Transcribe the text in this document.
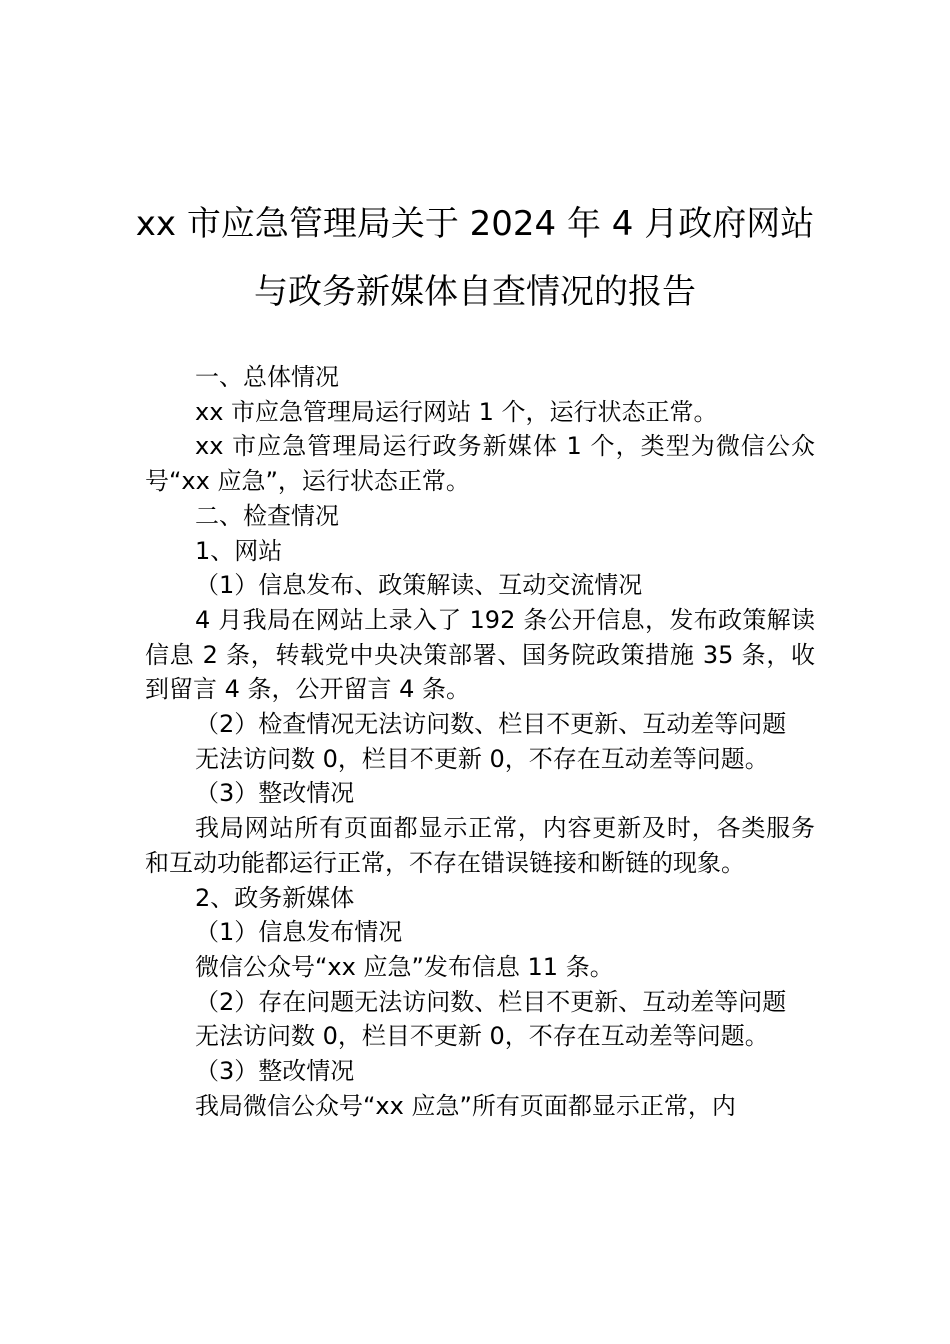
xx 市应急管理局关于 2024 年 4 月政府网站
与政务新媒体自查情况的报告

一、总体情况

xx 市应急管理局运行网站 1 个，运行状态正常。

xx 市应急管理局运行政务新媒体 1 个，类型为微信公众号“xx 应急”，运行状态正常。

二、检查情况

1、网站

（1）信息发布、政策解读、互动交流情况

4 月我局在网站上录入了 192 条公开信息，发布政策解读信息 2 条，转载党中央决策部署、国务院政策措施 35 条，收到留言 4 条，公开留言 4 条。

（2）检查情况无法访问数、栏目不更新、互动差等问题

无法访问数 0，栏目不更新 0，不存在互动差等问题。

（3）整改情况

我局网站所有页面都显示正常，内容更新及时，各类服务和互动功能都运行正常，不存在错误链接和断链的现象。

2、政务新媒体

（1）信息发布情况

微信公众号“xx 应急”发布信息 11 条。

（2）存在问题无法访问数、栏目不更新、互动差等问题

无法访问数 0，栏目不更新 0，不存在互动差等问题。

（3）整改情况

我局微信公众号“xx 应急”所有页面都显示正常，内
